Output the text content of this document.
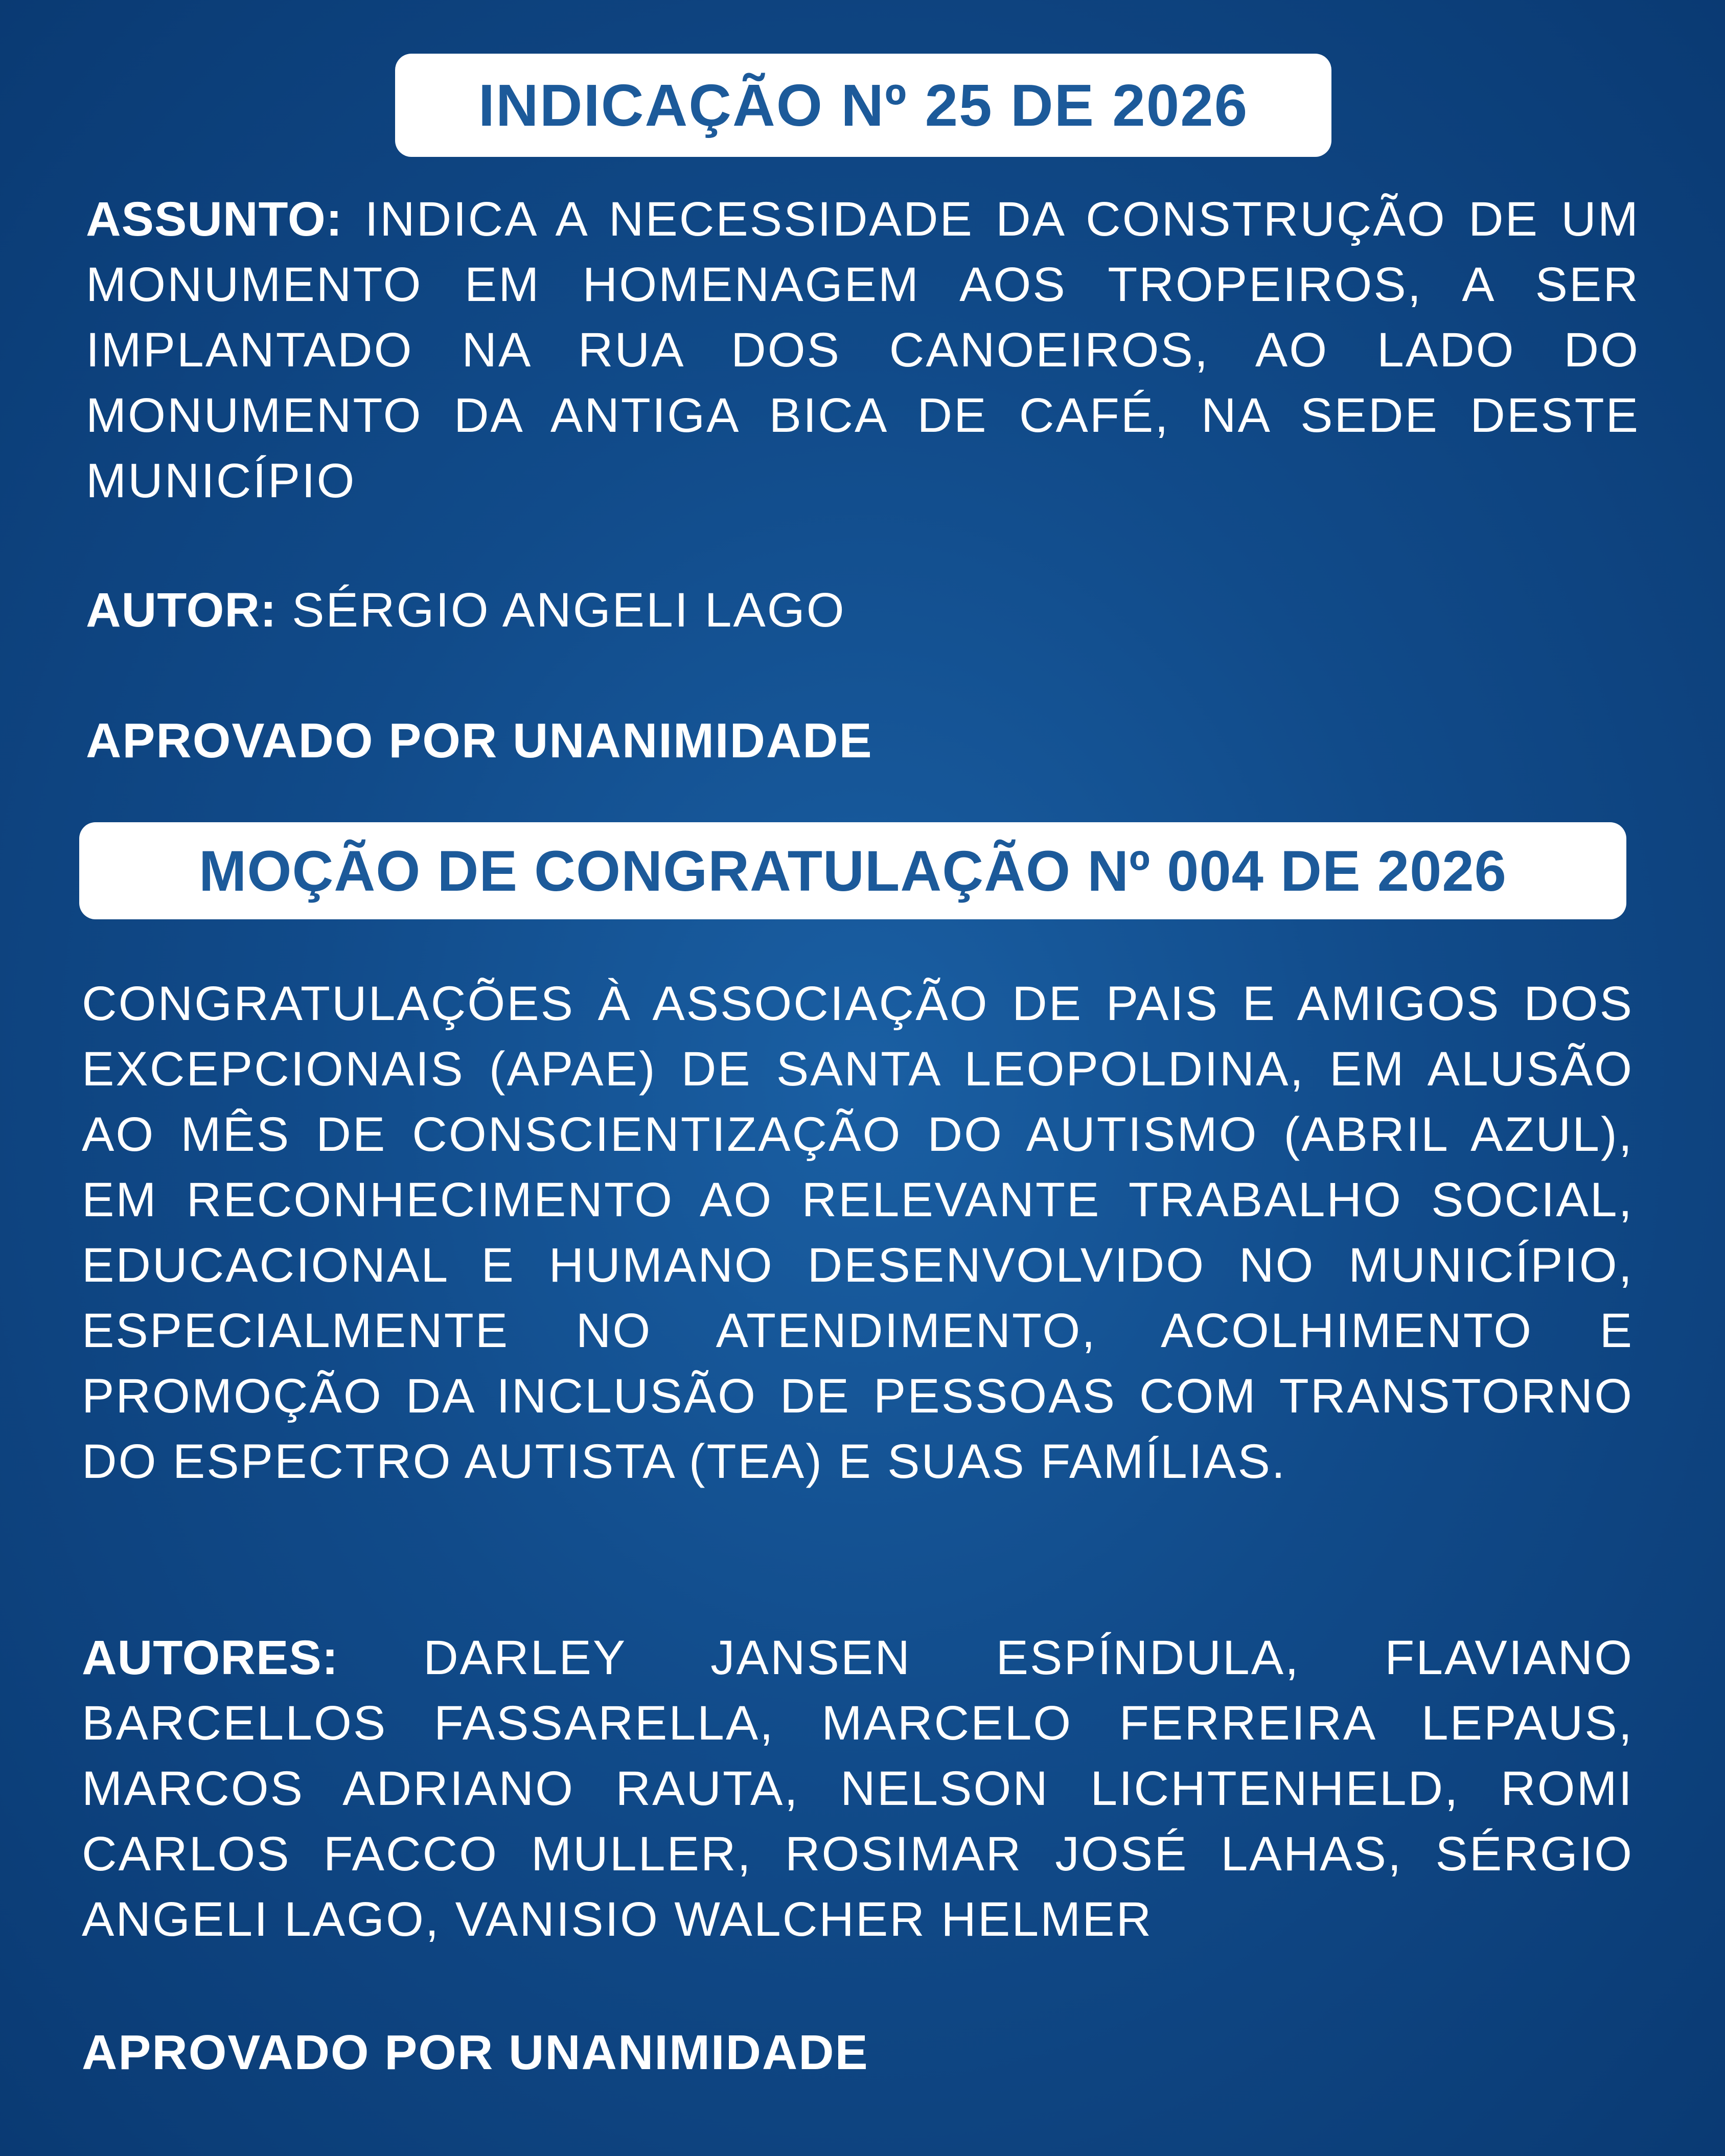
INDICAÇÃO Nº 25 DE 2026
ASSUNTO: INDICA A NECESSIDADE DA CONSTRUÇÃO DE UM MONUMENTO EM HOMENAGEM AOS TROPEIROS, A SER IMPLANTADO NA RUA DOS CANOEIROS, AO LADO DO MONUMENTO DA ANTIGA BICA DE CAFÉ, NA SEDE DESTE MUNICÍPIO
AUTOR: SÉRGIO ANGELI LAGO
APROVADO POR UNANIMIDADE
MOÇÃO DE CONGRATULAÇÃO Nº 004 DE 2026
CONGRATULAÇÕES À ASSOCIAÇÃO DE PAIS E AMIGOS DOS EXCEPCIONAIS (APAE) DE SANTA LEOPOLDINA, EM ALUSÃO AO MÊS DE CONSCIENTIZAÇÃO DO AUTISMO (ABRIL AZUL), EM RECONHECIMENTO AO RELEVANTE TRABALHO SOCIAL, EDUCACIONAL E HUMANO DESENVOLVIDO NO MUNICÍPIO, ESPECIALMENTE NO ATENDIMENTO, ACOLHIMENTO E PROMOÇÃO DA INCLUSÃO DE PESSOAS COM TRANSTORNO DO ESPECTRO AUTISTA (TEA) E SUAS FAMÍLIAS.
AUTORES: DARLEY JANSEN ESPÍNDULA, FLAVIANO BARCELLOS FASSARELLA, MARCELO FERREIRA LEPAUS, MARCOS ADRIANO RAUTA, NELSON LICHTENHELD, ROMI CARLOS FACCO MULLER, ROSIMAR JOSÉ LAHAS, SÉRGIO ANGELI LAGO, VANISIO WALCHER HELMER
APROVADO POR UNANIMIDADE
